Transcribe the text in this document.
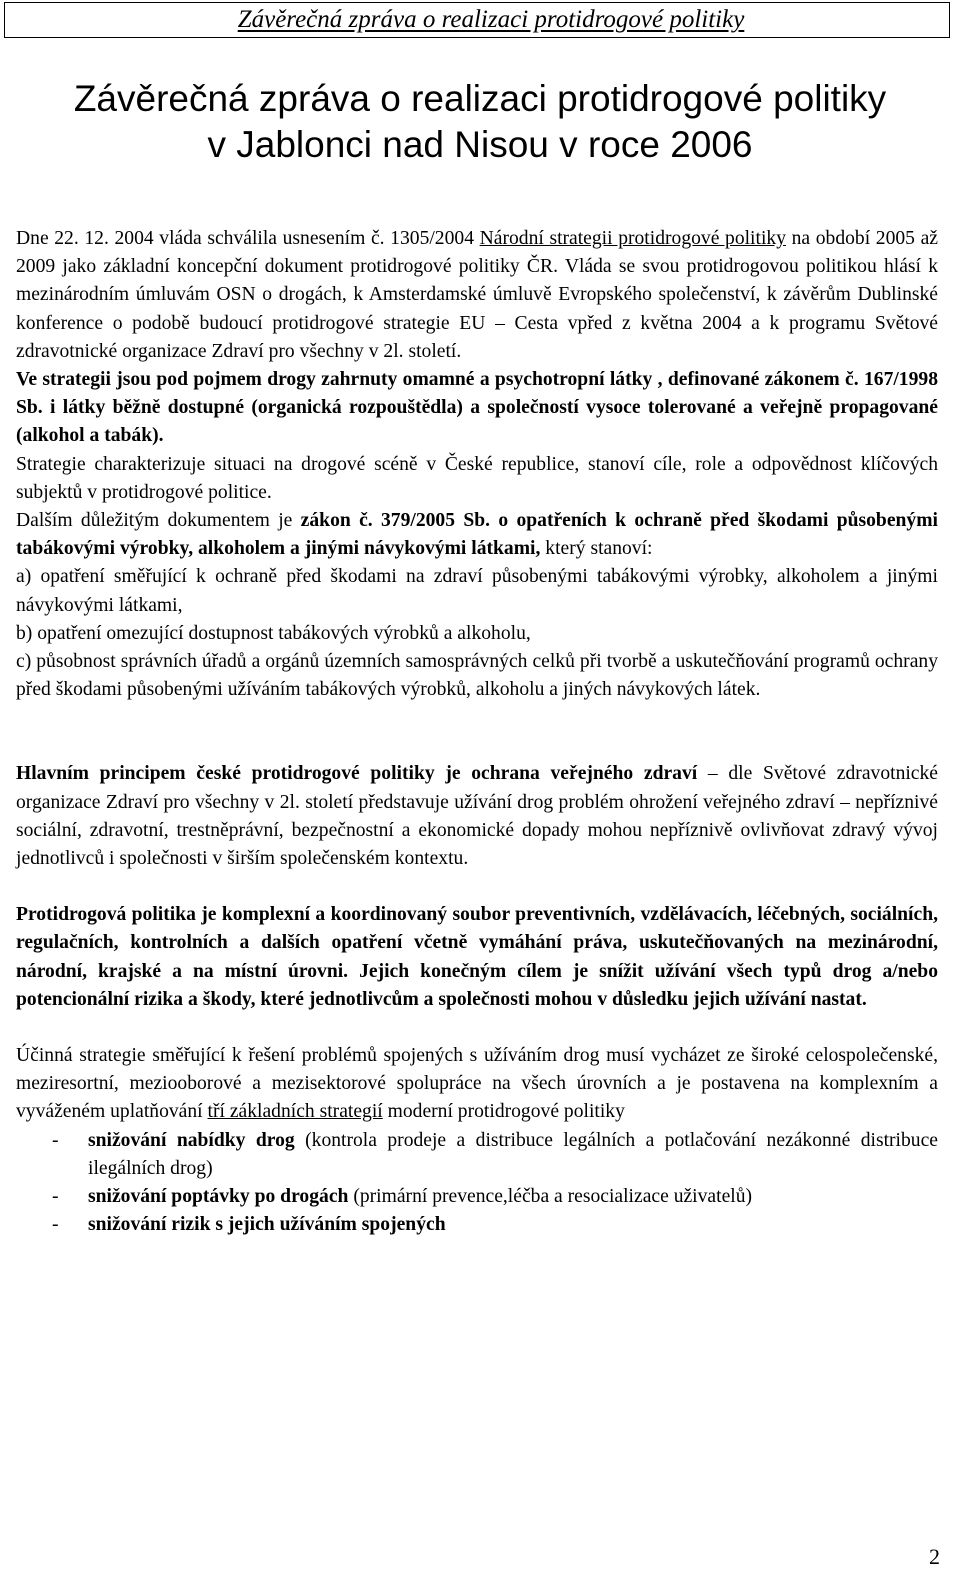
Závěrečná zpráva o realizaci protidrogové politiky
Závěrečná zpráva o realizaci protidrogové politiky
v Jablonci nad Nisou v roce 2006

Dne 22. 12. 2004 vláda schválila usnesením č. 1305/2004 Národní strategii protidrogové politiky na období 2005 až 2009 jako základní koncepční dokument protidrogové politiky ČR. Vláda se svou protidrogovou politikou hlásí k mezinárodním úmluvám OSN o drogách, k Amsterdamské úmluvě Evropského společenství, k závěrům Dublinské konference o podobě budoucí protidrogové strategie EU – Cesta vpřed z května 2004 a k programu Světové zdravotnické organizace Zdraví pro všechny v 2l. století.

Ve strategii jsou pod pojmem drogy zahrnuty omamné a psychotropní látky , definované zákonem č. 167/1998 Sb. i látky běžně dostupné (organická rozpouštědla) a společností vysoce tolerované a veřejně propagované (alkohol a tabák).

Strategie charakterizuje situaci na drogové scéně v České republice, stanoví cíle, role a odpovědnost klíčových subjektů v protidrogové politice.

Dalším důležitým dokumentem je zákon č. 379/2005 Sb. o opatřeních k ochraně před škodami působenými tabákovými výrobky, alkoholem a jinými návykovými látkami, který stanoví:

a) opatření směřující k ochraně před škodami na zdraví působenými tabákovými výrobky, alkoholem a jinými návykovými látkami,

b) opatření omezující dostupnost tabákových výrobků a alkoholu,

c) působnost správních úřadů a orgánů územních samosprávných celků při tvorbě a uskutečňování programů ochrany před škodami působenými užíváním tabákových výrobků, alkoholu a jiných návykových látek.

Hlavním principem české protidrogové politiky je ochrana veřejného zdraví – dle Světové zdravotnické organizace Zdraví pro všechny v 2l. století představuje užívání drog problém ohrožení veřejného zdraví – nepříznivé sociální, zdravotní, trestněprávní, bezpečnostní a ekonomické dopady mohou nepříznivě ovlivňovat zdravý vývoj jednotlivců i společnosti v širším společenském kontextu.

Protidrogová politika je komplexní a koordinovaný soubor preventivních, vzdělávacích, léčebných, sociálních, regulačních, kontrolních a dalších opatření včetně vymáhání práva, uskutečňovaných na mezinárodní, národní, krajské a na místní úrovni. Jejich konečným cílem je snížit užívání všech typů drog a/nebo potencionální rizika a škody, které jednotlivcům a společnosti mohou v důsledku jejich užívání nastat.

Účinná strategie směřující k řešení problémů spojených s užíváním drog musí vycházet ze široké celospolečenské, meziresortní, meziooborové a mezisektorové spolupráce na všech úrovních a je postavena na komplexním a vyváženém uplatňování tří základních strategií moderní protidrogové politiky

- snižování nabídky drog (kontrola prodeje a distribuce legálních a potlačování nezákonné distribuce ilegálních drog)
- snižování poptávky po drogách (primární prevence,léčba a resocializace uživatelů)
- snižování rizik s jejich užíváním spojených
2
